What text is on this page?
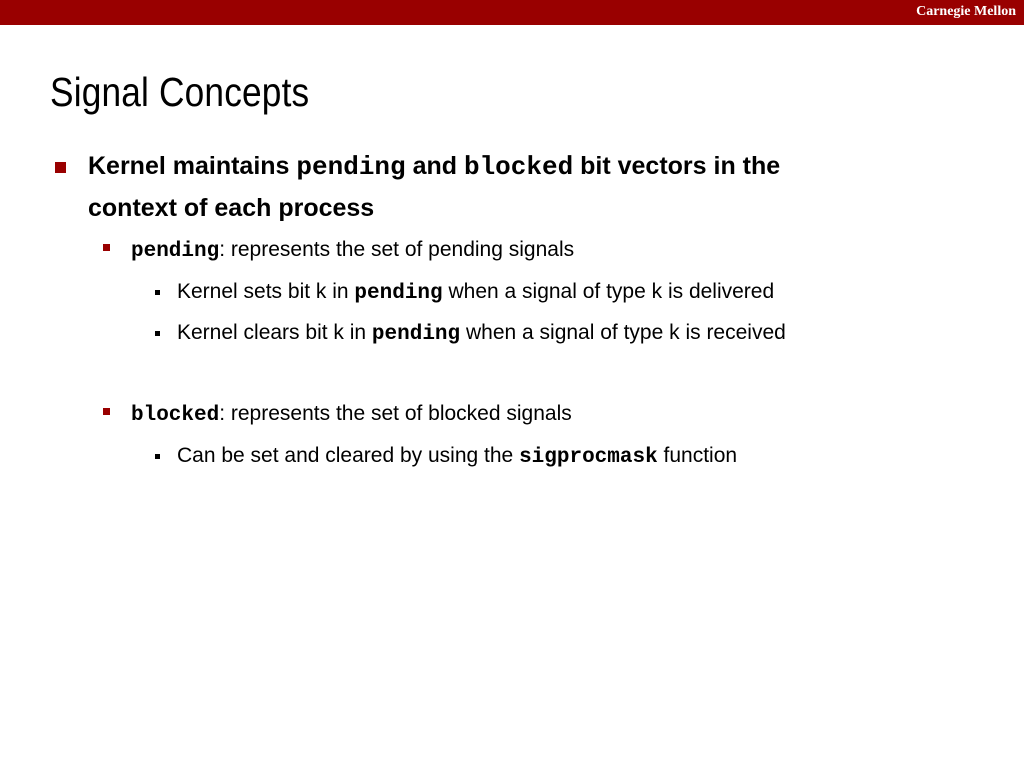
Carnegie Mellon
Signal Concepts
Kernel maintains pending and blocked bit vectors in the
context of each process
pending: represents the set of pending signals
Kernel sets bit k in pending when a signal of type k is delivered
Kernel clears bit k in pending when a signal of type k is received
blocked: represents the set of blocked signals
Can be set and cleared by using the sigprocmask function
